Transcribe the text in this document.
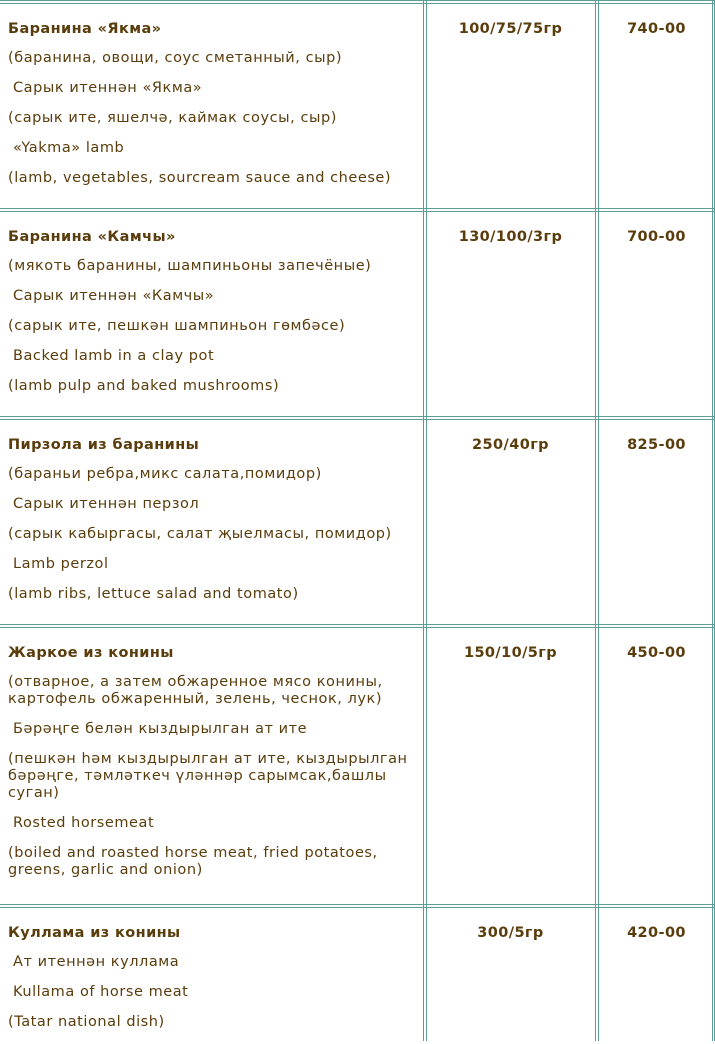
Баранина «Якма»
(баранина, овощи, соус сметанный, сыр)
Сарык итеннән «Якма»
(сарык ите, яшелчә, каймак соусы, сыр)
«Yakma» lamb
(lamb, vegetables, sourcream sauce and cheese)
100/75/75гр	740-00
Баранина «Камчы»
(мякоть баранины, шампиньоны запечёные)
Сарык итеннән «Камчы»
(сарык ите, пешкән шампиньон гөмбәсе)
Backed lamb in a clay pot
(lamb pulp and baked mushrooms)
130/100/3гр	700-00
Пирзола из баранины
(бараньи ребра,микс салата,помидор)
Сарык итеннән перзол
(сарык кабыргасы, салат җыелмасы, помидор)
Lamb perzol
(lamb ribs, lettuce salad and tomato)
250/40гр	825-00
Жаркое из конины
(отварное, а затем обжаренное мясо конины, картофель обжаренный, зелень, чеснок, лук)
Бәрәңге белән кыздырылган ат ите
(пешкән һәм кыздырылган ат ите, кыздырылган бәрәңге, тәмләткеч үләннәр сарымсак,башлы суган)
Rosted horsemeat
(boiled and roasted horse meat, fried potatoes, greens, garlic and onion)
150/10/5гр	450-00
Куллама из конины
Ат итеннән куллама
Kullama of horse meat
(Tatar national dish)
300/5гр	420-00
